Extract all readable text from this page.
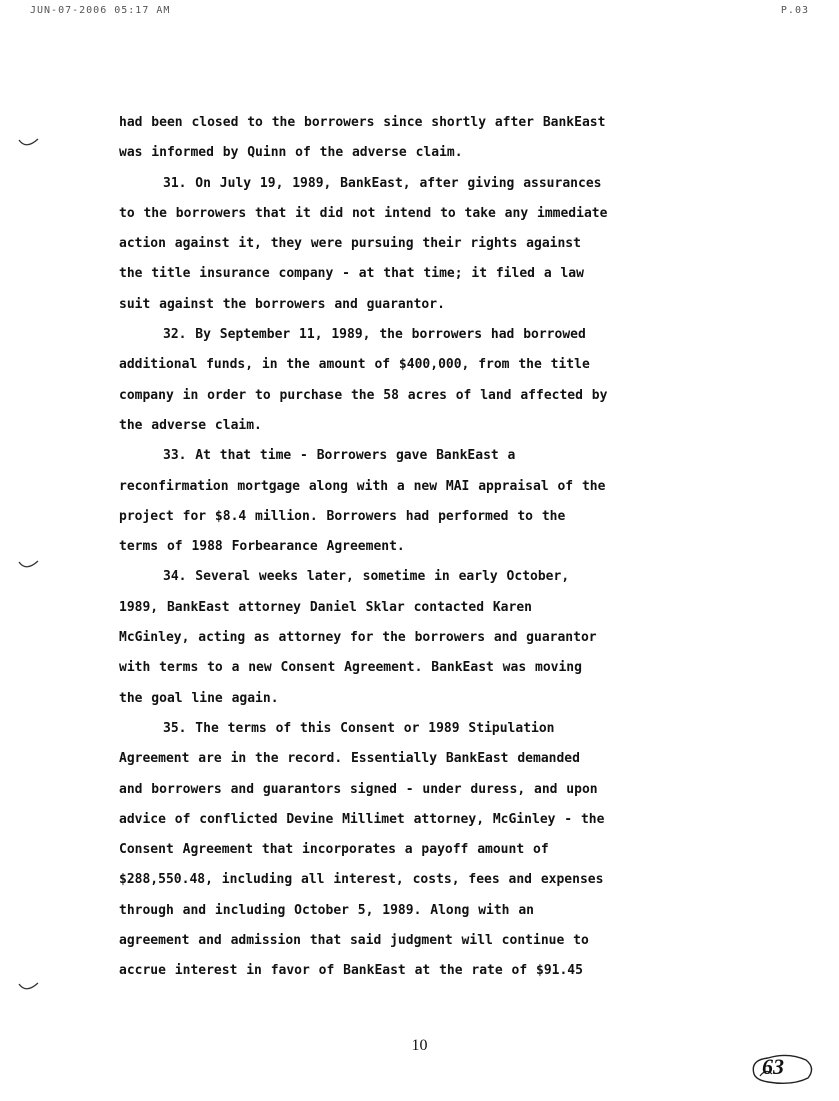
JUN-07-2006 05:17 AM	P.03
had been closed to the borrowers since shortly after BankEast
was informed by Quinn of the adverse claim.
31. On July 19, 1989, BankEast, after giving assurances
to the borrowers that it did not intend to take any immediate
action against it, they were pursuing their rights against
the title insurance company - at that time; it filed a law
suit against the borrowers and guarantor.
32. By September 11, 1989, the borrowers had borrowed
additional funds, in the amount of $400,000, from the title
company in order to purchase the 58 acres of land affected by
the adverse claim.
33. At that time - Borrowers gave BankEast a
reconfirmation mortgage along with a new MAI appraisal of the
project for $8.4 million. Borrowers had performed to the
terms of 1988 Forbearance Agreement.
34. Several weeks later, sometime in early October,
1989, BankEast attorney Daniel Sklar contacted Karen
McGinley, acting as attorney for the borrowers and guarantor
with terms to a new Consent Agreement. BankEast was moving
the goal line again.
35. The terms of this Consent or 1989 Stipulation
Agreement are in the record. Essentially BankEast demanded
and borrowers and guarantors signed - under duress, and upon
advice of conflicted Devine Millimet attorney, McGinley - the
Consent Agreement that incorporates a payoff amount of
$288,550.48, including all interest, costs, fees and expenses
through and including October 5, 1989. Along with an
agreement and admission that said judgment will continue to
accrue interest in favor of BankEast at the rate of $91.45
10
63
